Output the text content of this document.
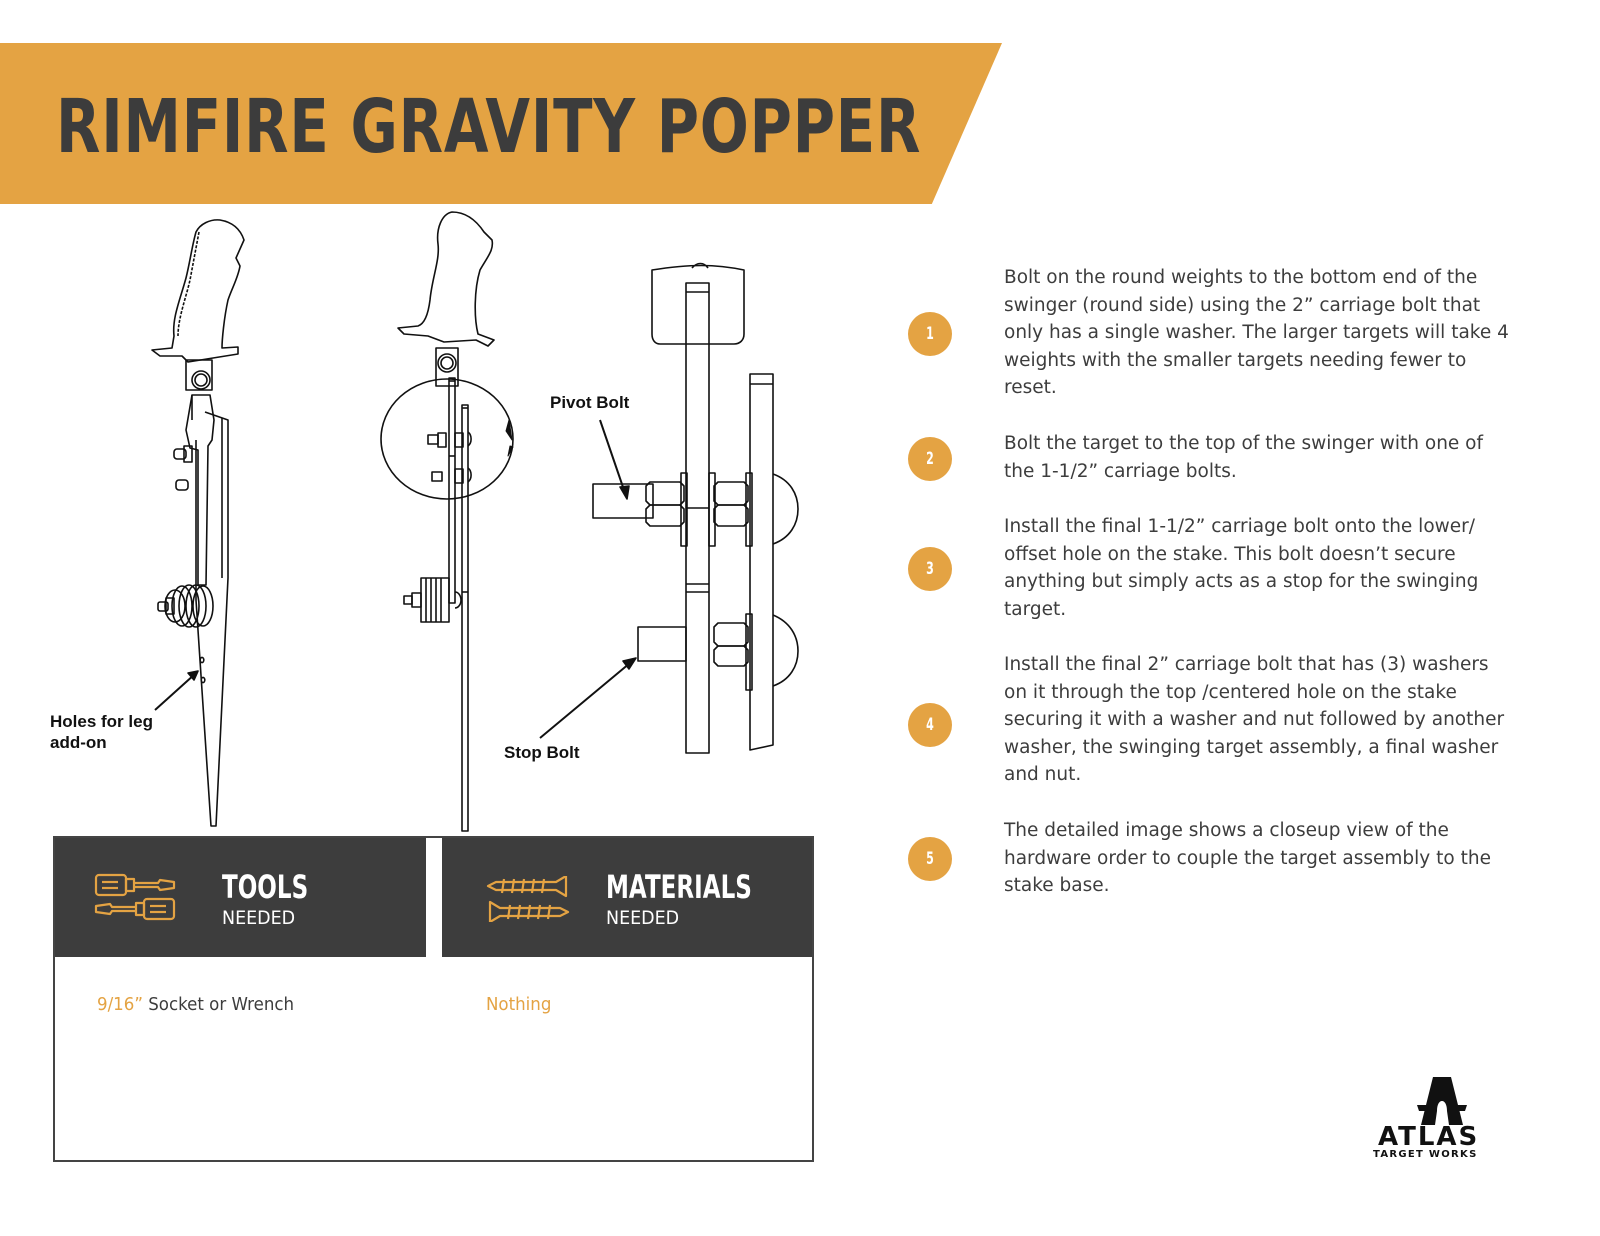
RIMFIRE GRAVITY POPPER
Holes for leg
add-on
Pivot Bolt
Stop Bolt
1
Bolt on the round weights to the bottom end of the swinger (round side) using the 2” carriage bolt that only has a single washer. The larger targets will take 4 weights with the smaller targets needing fewer to reset.
2
Bolt the target to the top of the swinger with one of the 1-1/2” carriage bolts.
3
Install the final 1-1/2” carriage bolt onto the lower/ offset hole on the stake. This bolt doesn’t secure anything but simply acts as a stop for the swinging target.
4
Install the final 2” carriage bolt that has (3) washers on it through the top /centered hole on the stake securing it with a washer and nut followed by another washer, the swinging target assembly, a final washer and nut.
5
The detailed image shows a closeup view of the hardware order to couple the target assembly to the stake base.
TOOLS
NEEDED
MATERIALS
NEEDED
9/16” Socket or Wrench	Nothing
ATLAS
TARGET WORKS
